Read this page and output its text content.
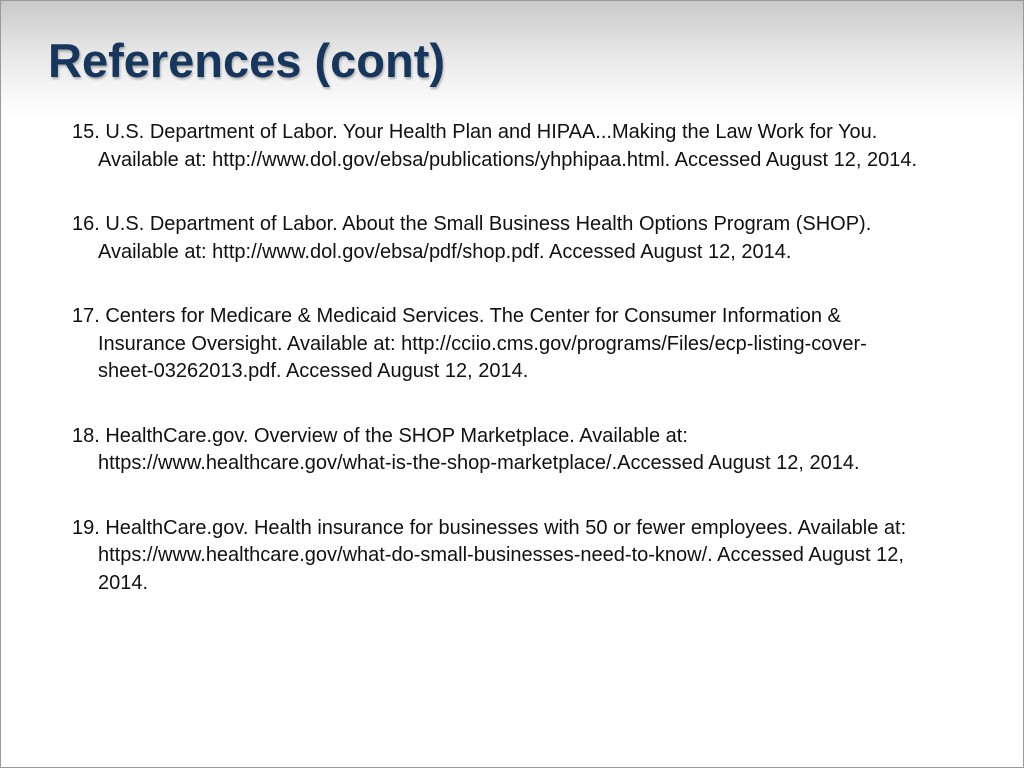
References (cont)
15. U.S. Department of Labor. Your Health Plan and HIPAA...Making the Law Work for You. Available at: http://www.dol.gov/ebsa/publications/yhphipaa.html. Accessed August 12, 2014.
16. U.S. Department of Labor. About the Small Business Health Options Program (SHOP). Available at: http://www.dol.gov/ebsa/pdf/shop.pdf. Accessed August 12, 2014.
17. Centers for Medicare & Medicaid Services. The Center for Consumer Information & Insurance Oversight. Available at: http://cciio.cms.gov/programs/Files/ecp-listing-cover-sheet-03262013.pdf. Accessed August 12, 2014.
18. HealthCare.gov. Overview of the SHOP Marketplace. Available at: https://www.healthcare.gov/what-is-the-shop-marketplace/.Accessed August 12, 2014.
19. HealthCare.gov. Health insurance for businesses with 50 or fewer employees. Available at: https://www.healthcare.gov/what-do-small-businesses-need-to-know/. Accessed August 12, 2014.
